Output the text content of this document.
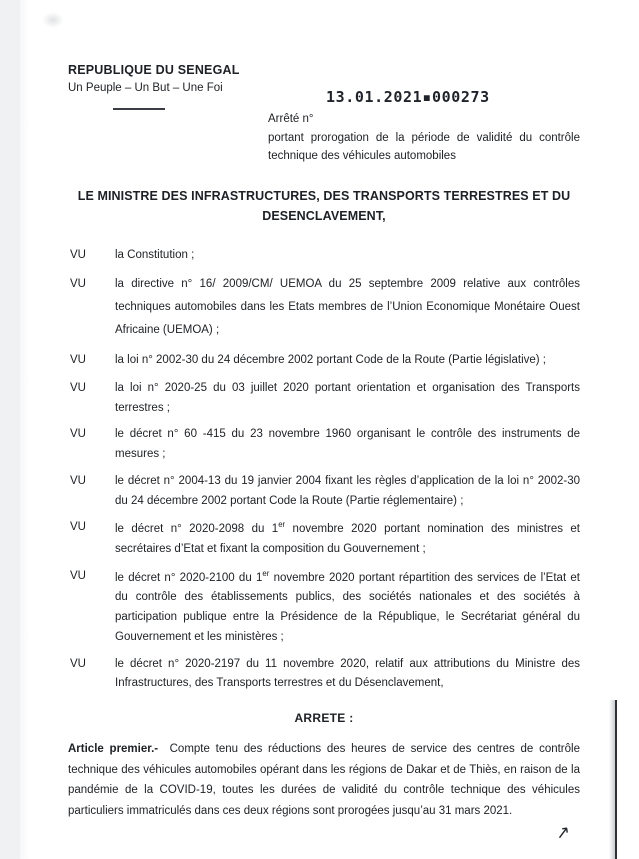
REPUBLIQUE DU SENEGAL

Un Peuple – Un But – Une Foi

13.01.2021▪000273

Arrêté n°

portant prorogation de la période de validité du contrôle technique des véhicules automobiles

LE MINISTRE DES INFRASTRUCTURES, DES TRANSPORTS TERRESTRES ET DU DESENCLAVEMENT,
VU	la Constitution ;
VU	la directive n° 16/ 2009/CM/ UEMOA du 25 septembre 2009 relative aux contrôles techniques automobiles dans les Etats membres de l’Union Economique Monétaire Ouest Africaine (UEMOA) ;
VU	la loi n° 2002-30 du 24 décembre 2002 portant Code de la Route (Partie législative) ;
VU	la loi n° 2020-25 du 03 juillet 2020 portant orientation et organisation des Transports terrestres ;
VU	le décret n° 60 -415 du 23 novembre 1960 organisant le contrôle des instruments de mesures ;
VU	le décret n° 2004-13 du 19 janvier 2004 fixant les règles d’application de la loi n° 2002-30 du 24 décembre 2002 portant Code la Route (Partie réglementaire) ;
VU	le décret n° 2020-2098 du 1er novembre 2020 portant nomination des ministres et secrétaires d’Etat et fixant la composition du Gouvernement ;
VU	le décret n° 2020-2100 du 1er novembre 2020 portant répartition des services de l’Etat et du contrôle des établissements publics, des sociétés nationales et des sociétés à participation publique entre la Présidence de la République, le Secrétariat général du Gouvernement et les ministères ;
VU	le décret n° 2020-2197 du 11 novembre 2020, relatif aux attributions du Ministre des Infrastructures, des Transports terrestres et du Désenclavement,

ARRETE :

Article premier.- Compte tenu des réductions des heures de service des centres de contrôle technique des véhicules automobiles opérant dans les régions de Dakar et de Thiès, en raison de la pandémie de la COVID-19, toutes les durées de validité du contrôle technique des véhicules particuliers immatriculés dans ces deux régions sont prorogées jusqu’au 31 mars 2021.

↗
